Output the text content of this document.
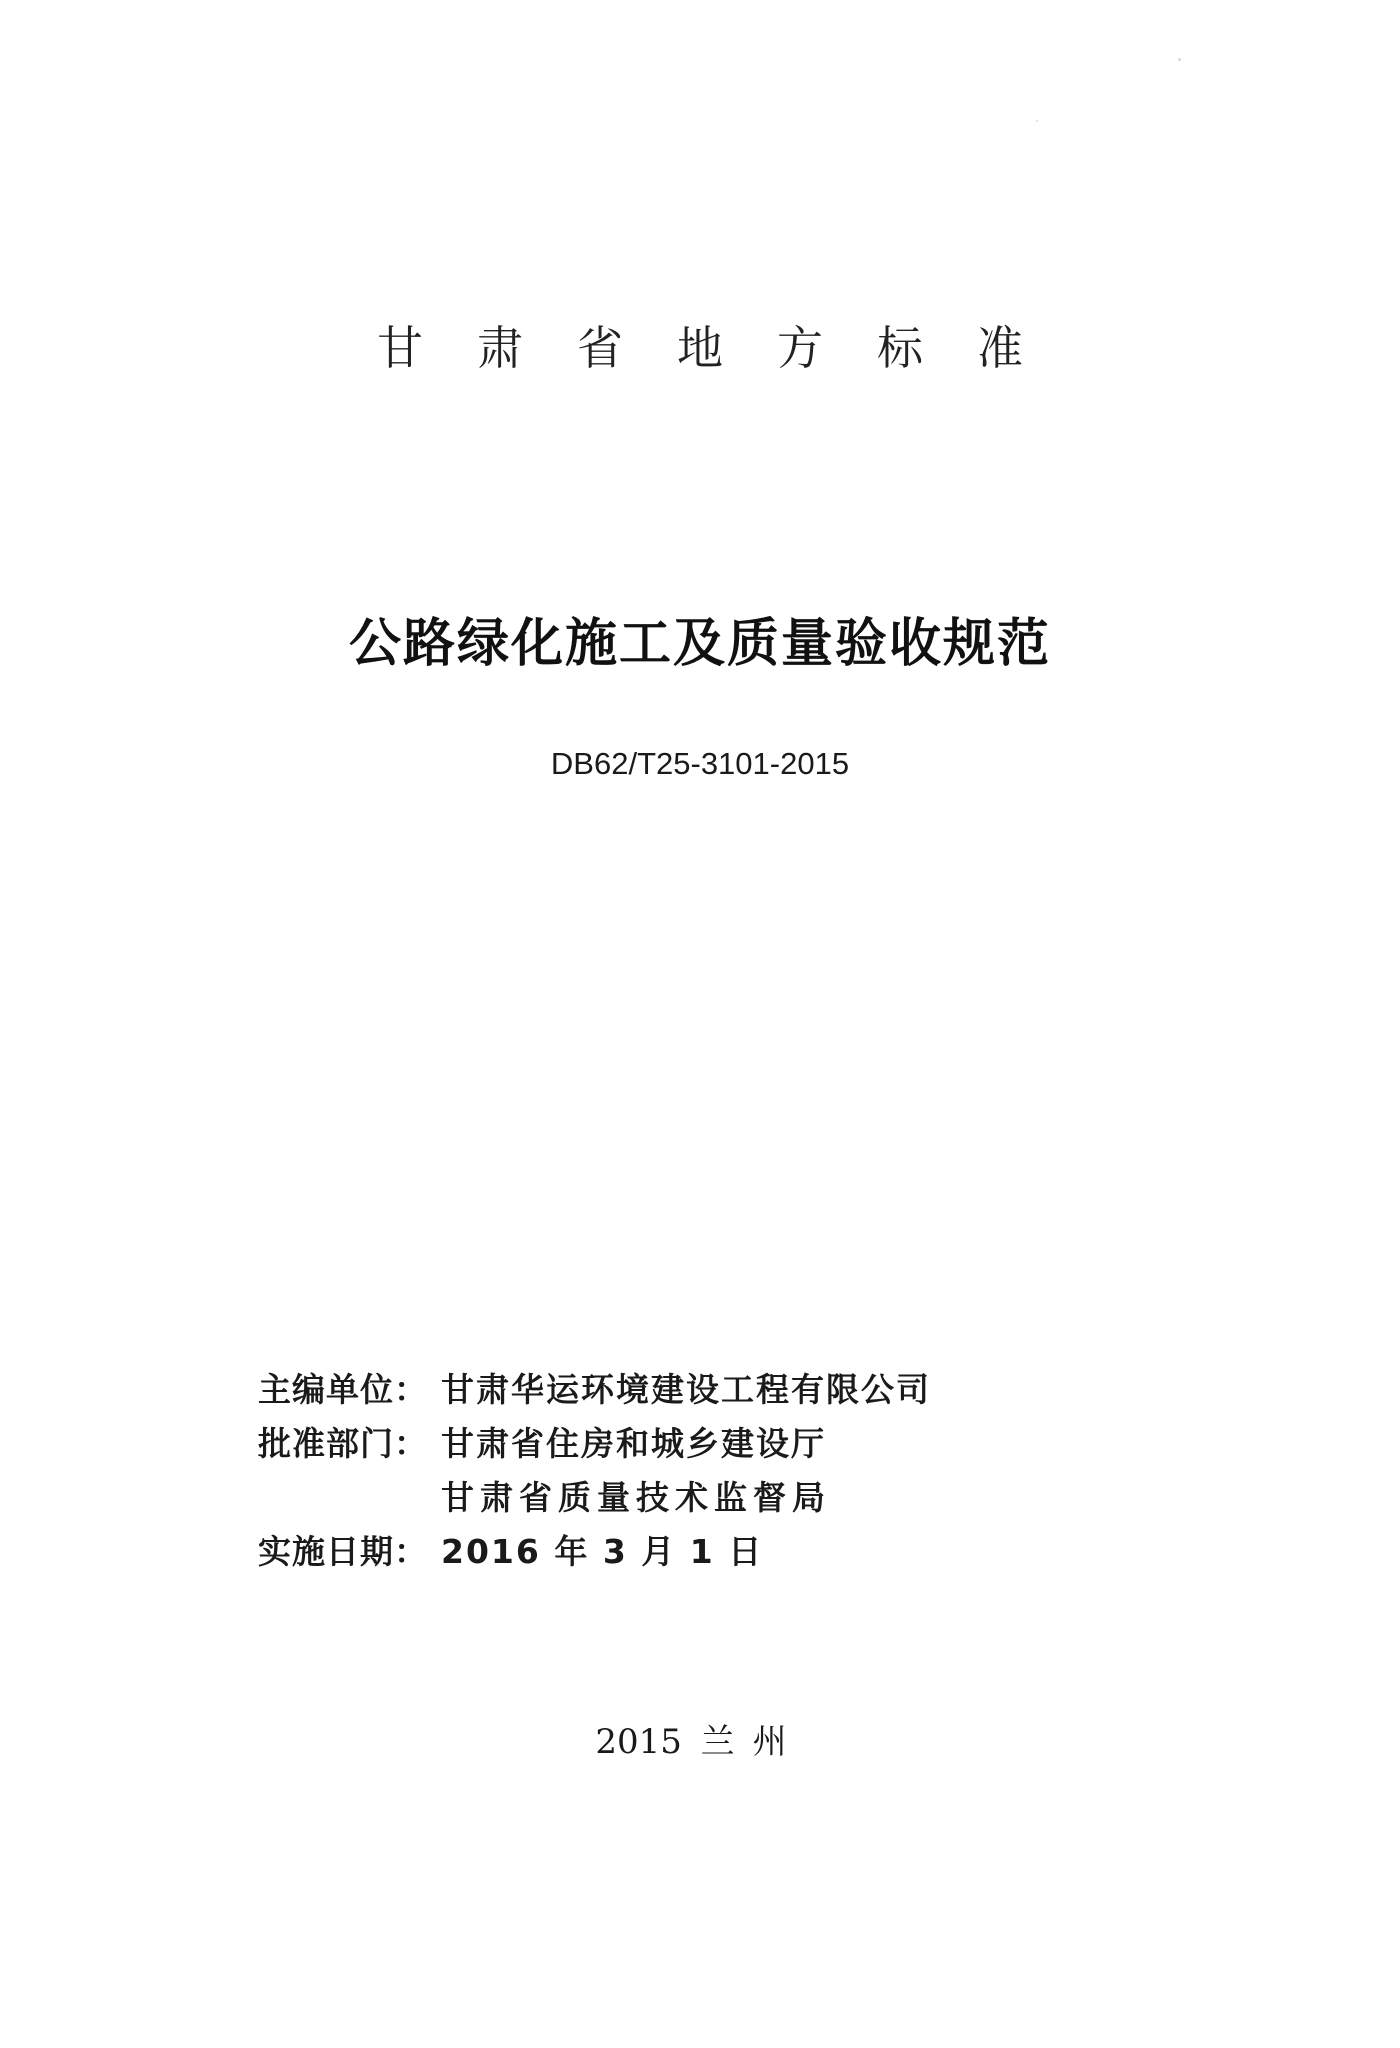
甘肃省地方标准
公路绿化施工及质量验收规范
DB62/T25-3101-2015
主编单位： 甘肃华运环境建设工程有限公司
批准部门： 甘肃省住房和城乡建设厅
甘肃省质量技术监督局
实施日期： 2016 年 3 月 1 日
2015 兰州
